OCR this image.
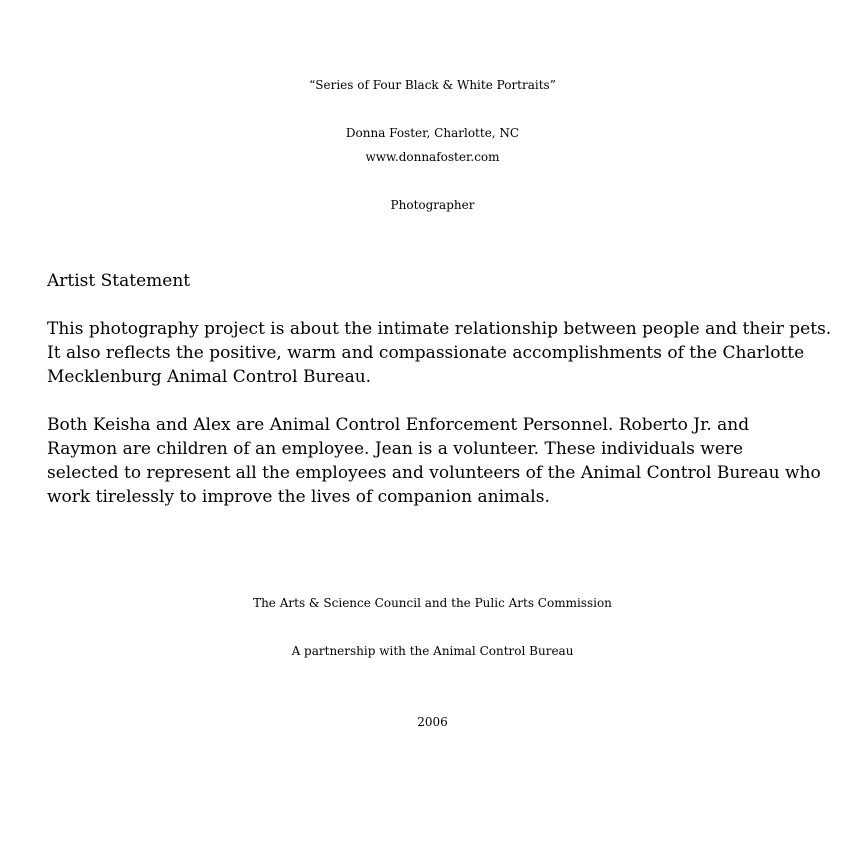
“Series of Four Black & White Portraits”
Donna Foster, Charlotte, NC
www.donnafoster.com
Photographer
Artist Statement
This photography project is about the intimate relationship between people and their pets.
It also reflects the positive, warm and compassionate accomplishments of the Charlotte
Mecklenburg Animal Control Bureau.
Both Keisha and Alex are Animal Control Enforcement Personnel. Roberto Jr. and
Raymon are children of an employee. Jean is a volunteer. These individuals were
selected to represent all the employees and volunteers of the Animal Control Bureau who
work tirelessly to improve the lives of companion animals.
The Arts & Science Council and the Pulic Arts Commission
A partnership with the Animal Control Bureau
2006
